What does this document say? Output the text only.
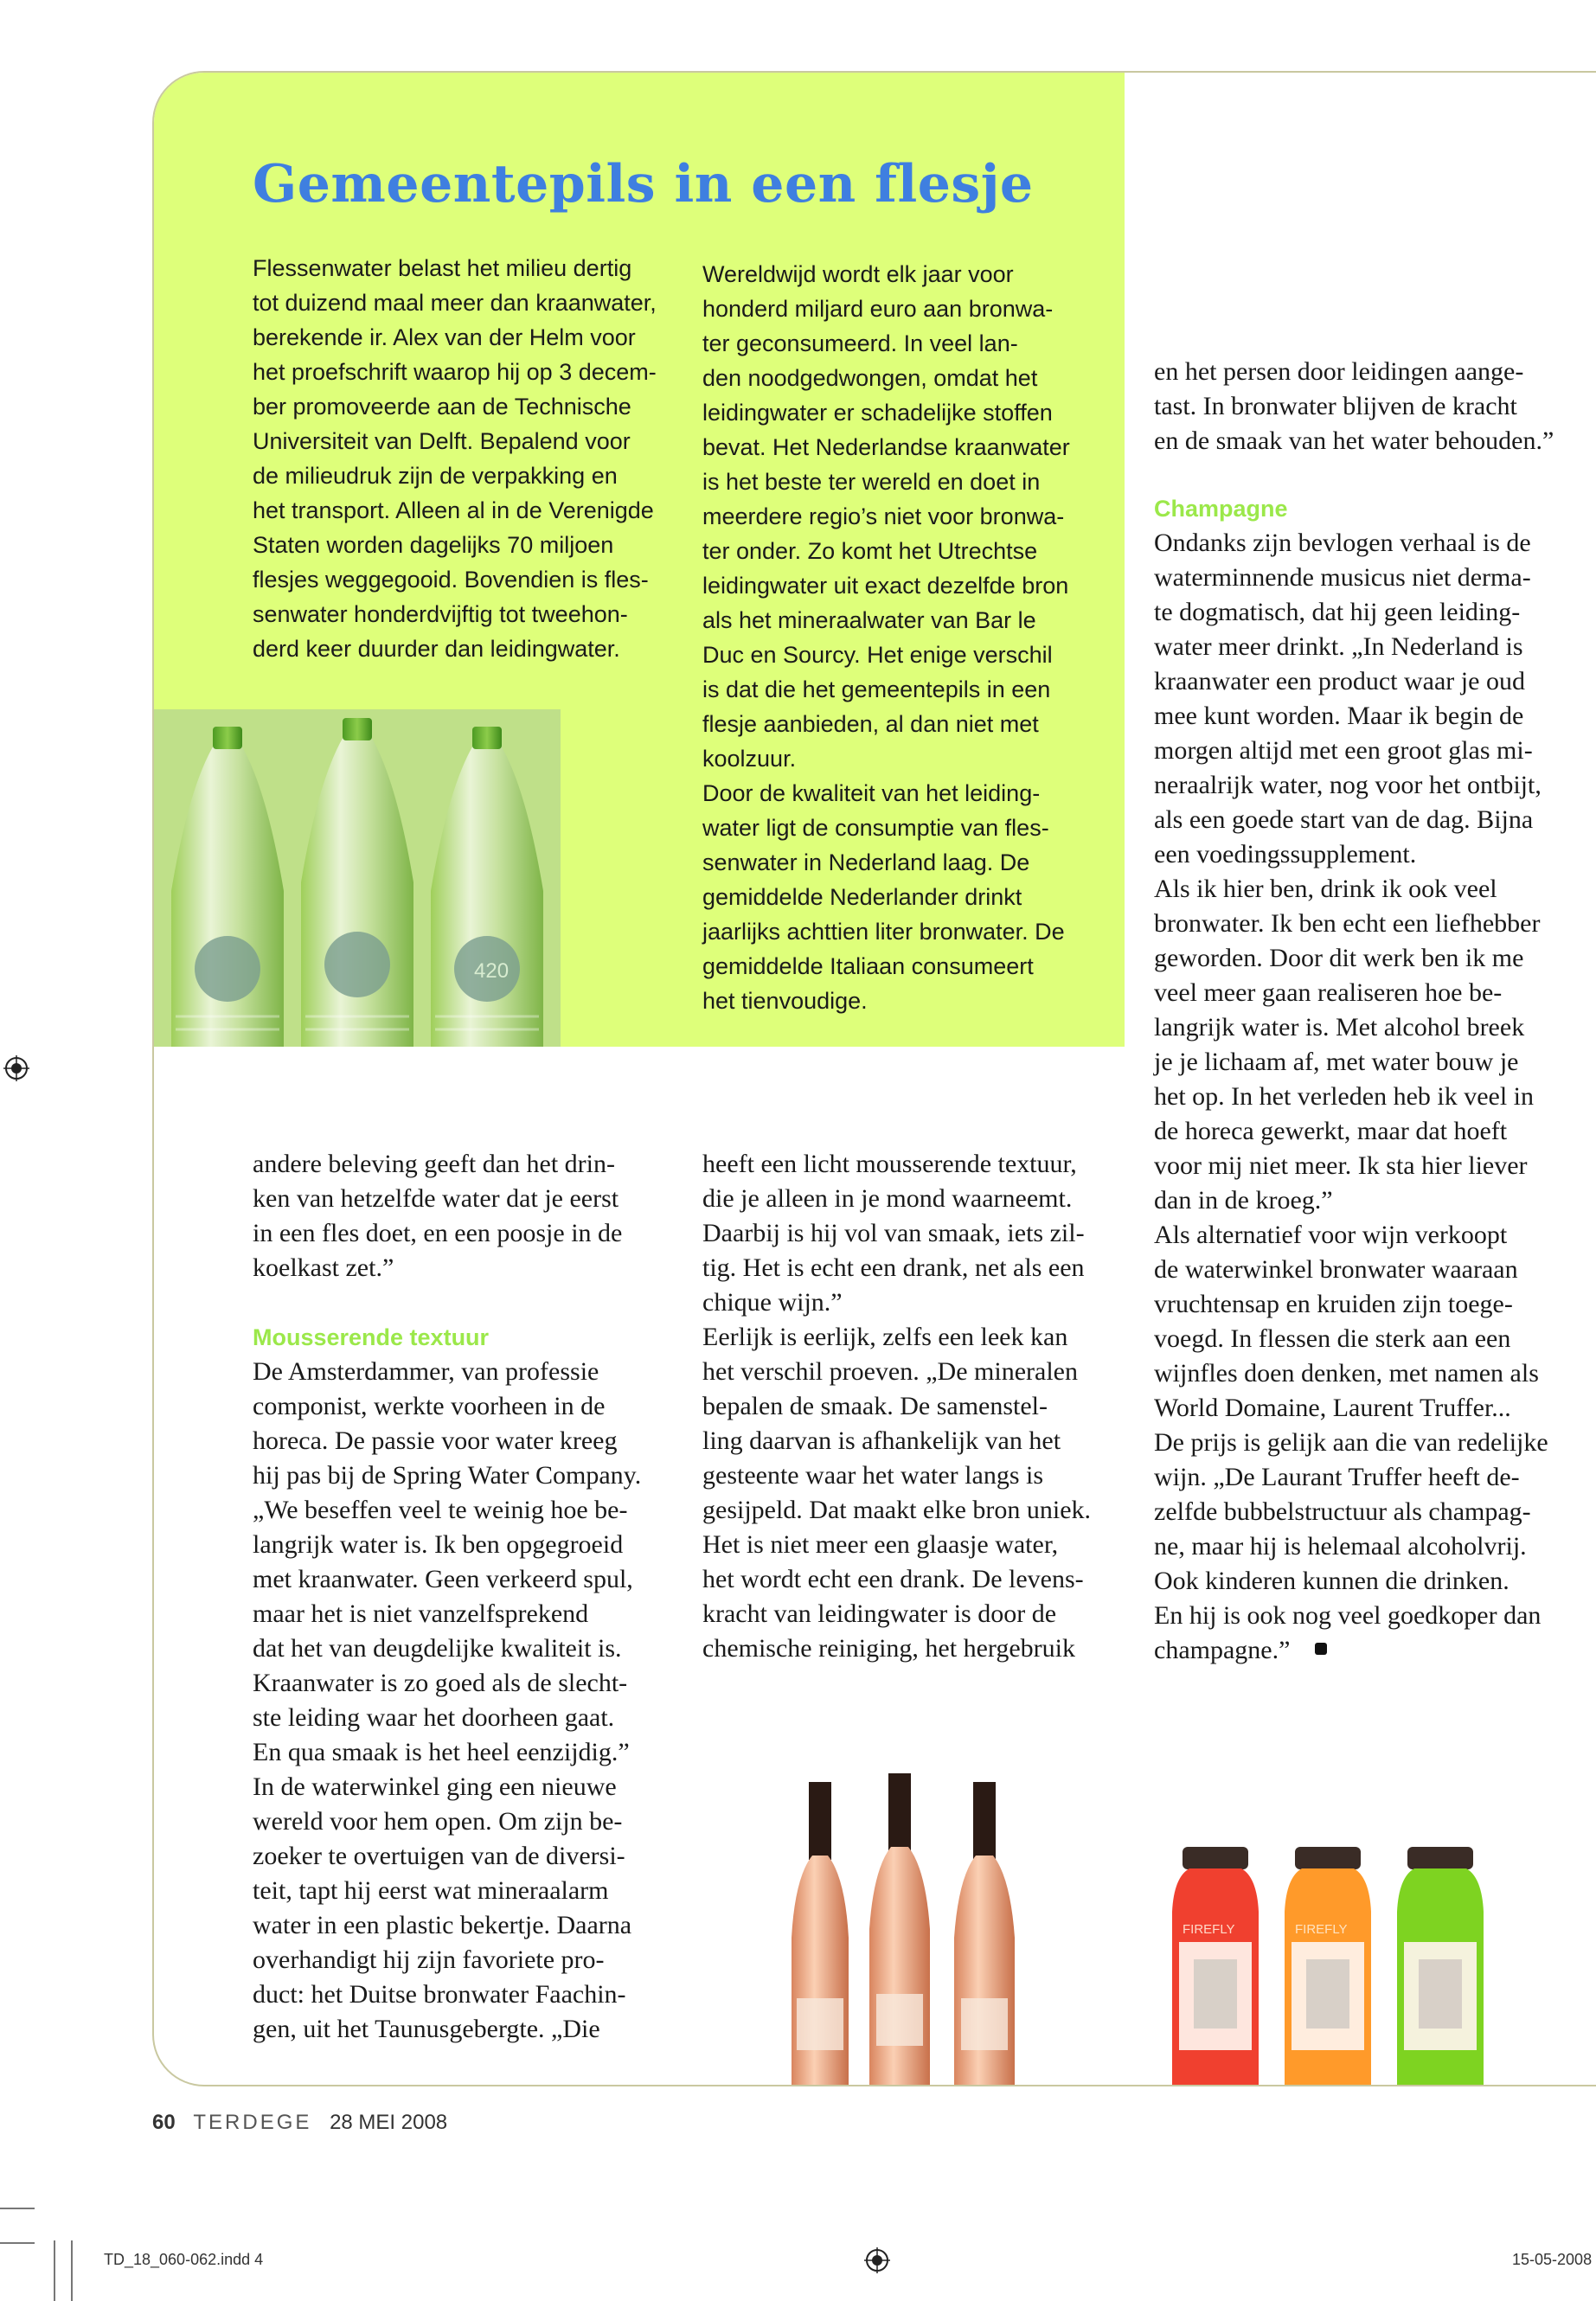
420
Gemeentepils in een flesje
Flessenwater belast het milieu dertig
tot duizend maal meer dan kraanwater,
berekende ir. Alex van der Helm voor
het proefschrift waarop hij op 3 decem-
ber promoveerde aan de Technische
Universiteit van Delft. Bepalend voor
de milieudruk zijn de verpakking en
het transport. Alleen al in de Verenigde
Staten worden dagelijks 70 miljoen
flesjes weggegooid. Bovendien is fles-
senwater honderdvijftig tot tweehon-
derd keer duurder dan leidingwater.
Wereldwijd wordt elk jaar voor
honderd miljard euro aan bronwa-
ter geconsumeerd. In veel lan-
den noodgedwongen, omdat het
leidingwater er schadelijke stoffen
bevat. Het Nederlandse kraanwater
is het beste ter wereld en doet in
meerdere regio’s niet voor bronwa-
ter onder. Zo komt het Utrechtse
leidingwater uit exact dezelfde bron
als het mineraalwater van Bar le
Duc en Sourcy. Het enige verschil
is dat die het gemeentepils in een
flesje aanbieden, al dan niet met
koolzuur.
Door de kwaliteit van het leiding-
water ligt de consumptie van fles-
senwater in Nederland laag. De
gemiddelde Nederlander drinkt
jaarlijks achttien liter bronwater. De
gemiddelde Italiaan consumeert
het tienvoudige.
en het persen door leidingen aange-
tast. In bronwater blijven de kracht
en de smaak van het water behouden.”
Champagne
Ondanks zijn bevlogen verhaal is de
waterminnende musicus niet derma-
te dogmatisch, dat hij geen leiding-
water meer drinkt. „In Nederland is
kraanwater een product waar je oud
mee kunt worden. Maar ik begin de
morgen altijd met een groot glas mi-
neraalrijk water, nog voor het ontbijt,
als een goede start van de dag. Bijna
een voedingssupplement.
Als ik hier ben, drink ik ook veel
bronwater. Ik ben echt een liefhebber
geworden. Door dit werk ben ik me
veel meer gaan realiseren hoe be-
langrijk water is. Met alcohol breek
je je lichaam af, met water bouw je
het op. In het verleden heb ik veel in
de horeca gewerkt, maar dat hoeft
voor mij niet meer. Ik sta hier liever
dan in de kroeg.”
Als alternatief voor wijn verkoopt
de waterwinkel bronwater waaraan
vruchtensap en kruiden zijn toege-
voegd. In flessen die sterk aan een
wijnfles doen denken, met namen als
World Domaine, Laurent Truffer...
De prijs is gelijk aan die van redelijke
wijn. „De Laurant Truffer heeft de-
zelfde bubbelstructuur als champag-
ne, maar hij is helemaal alcoholvrij.
Ook kinderen kunnen die drinken.
En hij is ook nog veel goedkoper dan
champagne.”
andere beleving geeft dan het drin-
ken van hetzelfde water dat je eerst
in een fles doet, en een poosje in de
koelkast zet.”
Mousserende textuur
De Amsterdammer, van professie
componist, werkte voorheen in de
horeca. De passie voor water kreeg
hij pas bij de Spring Water Company.
„We beseffen veel te weinig hoe be-
langrijk water is. Ik ben opgegroeid
met kraanwater. Geen verkeerd spul,
maar het is niet vanzelfsprekend
dat het van deugdelijke kwaliteit is.
Kraanwater is zo goed als de slecht-
ste leiding waar het doorheen gaat.
En qua smaak is het heel eenzijdig.”
In de waterwinkel ging een nieuwe
wereld voor hem open. Om zijn be-
zoeker te overtuigen van de diversi-
teit, tapt hij eerst wat mineraalarm
water in een plastic bekertje. Daarna
overhandigt hij zijn favoriete pro-
duct: het Duitse bronwater Faachin-
gen, uit het Taunusgebergte. „Die
heeft een licht mousserende textuur,
die je alleen in je mond waarneemt.
Daarbij is hij vol van smaak, iets zil-
tig. Het is echt een drank, net als een
chique wijn.”
Eerlijk is eerlijk, zelfs een leek kan
het verschil proeven. „De mineralen
bepalen de smaak. De samenstel-
ling daarvan is afhankelijk van het
gesteente waar het water langs is
gesijpeld. Dat maakt elke bron uniek.
Het is niet meer een glaasje water,
het wordt echt een drank. De levens-
kracht van leidingwater is door de
chemische reiniging, het hergebruik
FIREFLY	FIREFLY
60 TERDEGE 28 MEI 2008
TD_18_060-062.indd 4	15-05-2008
